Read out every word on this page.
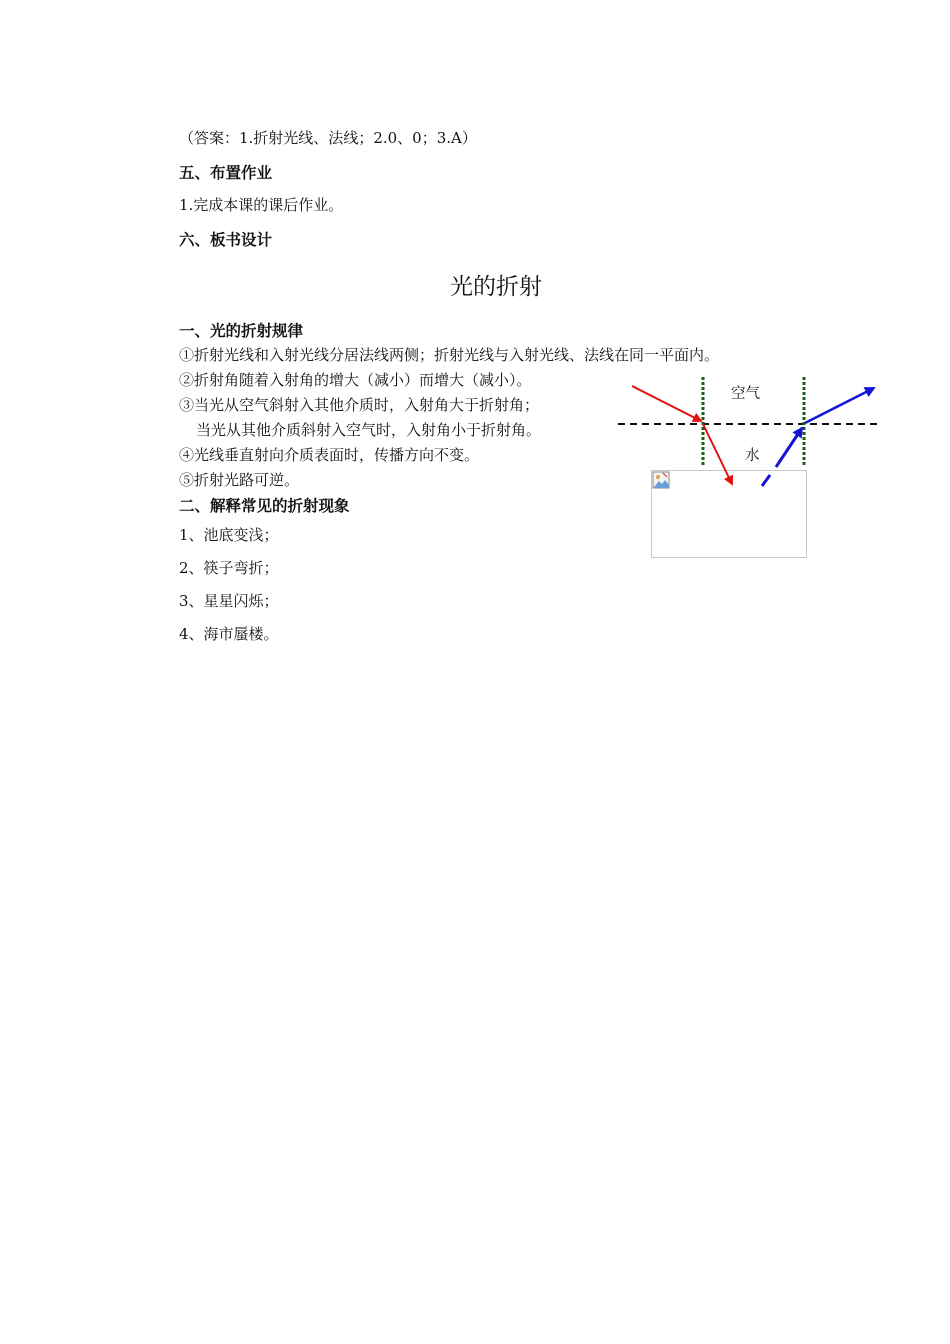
（答案：1.折射光线、法线；2.0、0；3.A）
五、布置作业
1.完成本课的课后作业。
六、板书设计
光的折射
一、光的折射规律
①折射光线和入射光线分居法线两侧；折射光线与入射光线、法线在同一平面内。
②折射角随着入射角的增大（减小）而增大（减小）。
③当光从空气斜射入其他介质时，入射角大于折射角；
当光从其他介质斜射入空气时，入射角小于折射角。
④光线垂直射向介质表面时，传播方向不变。
⑤折射光路可逆。
二、解释常见的折射现象
1、池底变浅；
2、筷子弯折；
3、星星闪烁；
4、海市蜃楼。
空气
水
